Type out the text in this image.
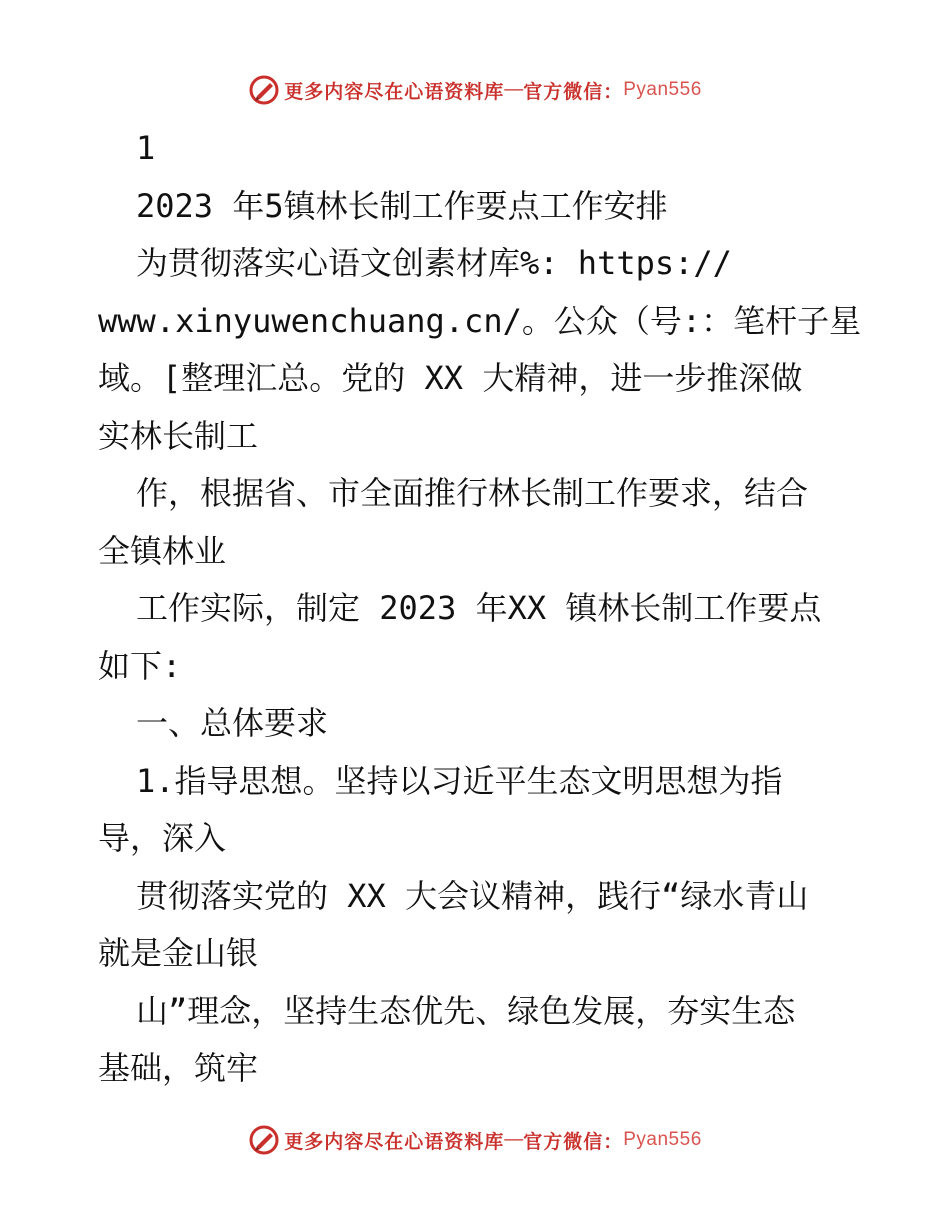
更多内容尽在心语资料库 — 官方微信： Pyan556

1

2023 年5镇林长制工作要点工作安排

为贯彻落实心语文创素材库%: https://

www.xinyuwenchuang.cn/。公众（号:：笔杆子星

域。[整理汇总。党的 XX 大精神，进一步推深做

实林长制工

作，根据省、市全面推行林长制工作要求，结合

全镇林业

工作实际，制定 2023 年XX 镇林长制工作要点

如下:

一、总体要求

1.指导思想。坚持以习近平生态文明思想为指

导，深入

贯彻落实党的 XX 大会议精神，践行“绿水青山

就是金山银

山”理念，坚持生态优先、绿色发展，夯实生态

基础，筑牢

更多内容尽在心语资料库 — 官方微信： Pyan556
